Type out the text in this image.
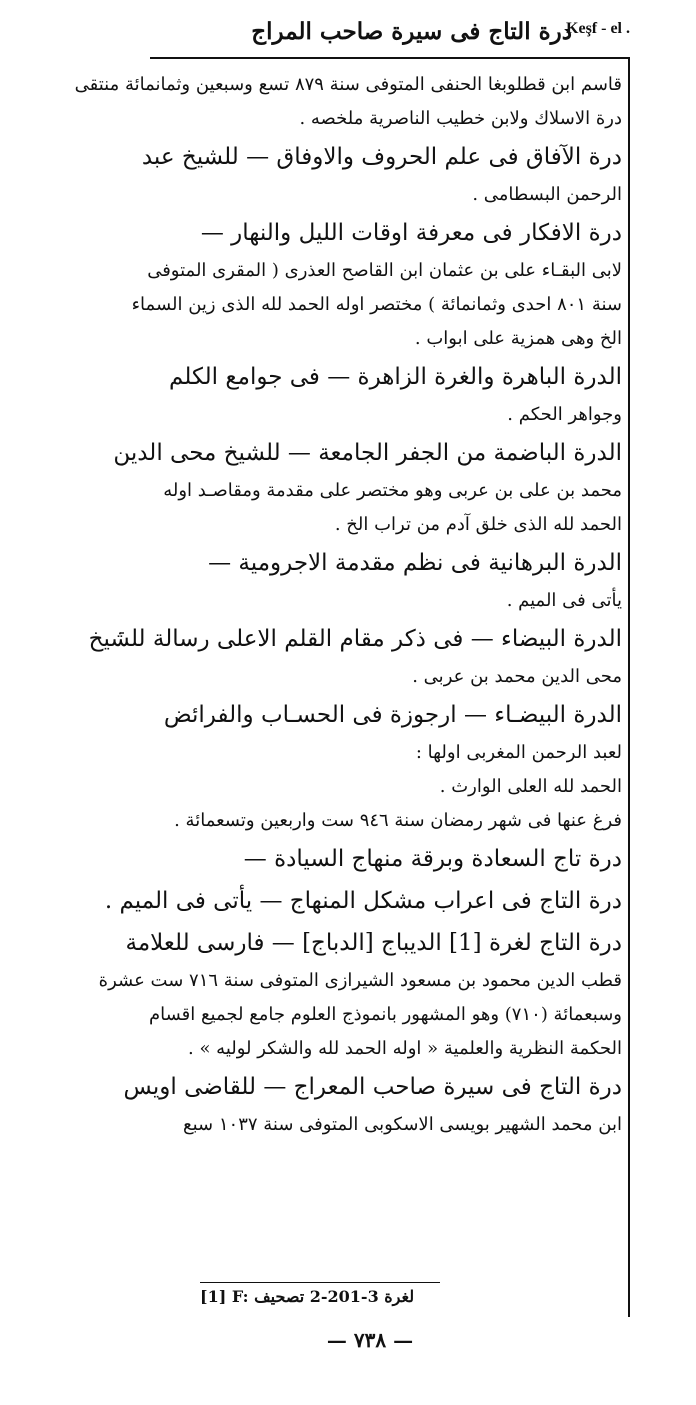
درة التاج فى سيرة صاحب المراج
Keşf - el .
قاسم ابن قطلوبغا الحنفى المتوفى سنة ٨٧٩ تسع وسبعين وثمانمائة منتقى
درة الاسلاك ولابن خطيب الناصرية ملخصه .
درة الآفاق فى علم الحروف والاوفاق — للشيخ عبد
الرحمن البسطامى .
درة الافكار فى معرفة اوقات الليل والنهار —
لابى البقـاء على بن عثمان ابن القاصح العذرى ( المقرى المتوفى
سنة ٨٠١ احدى وثمانمائة ) مختصر اوله الحمد لله الذى زين السماء
الخ وهى همزية على ابواب .
الدرة الباهرة والغرة الزاهرة — فى جوامع الكلم
وجواهر الحكم .
الدرة الباضمة من الجفر الجامعة — للشيخ محى الدين
محمد بن على بن عربى وهو مختصر على مقدمة ومقاصـد اوله
الحمد لله الذى خلق آدم من تراب الخ .
الدرة البرهانية فى نظم مقدمة الاجرومية —
يأتى فى الميم .
الدرة البيضاء — فى ذكر مقام القلم الاعلى رسالة للشيخ
محى الدين محمد بن عربى .
الدرة البيضـاء — ارجوزة فى الحسـاب والفرائض
لعبد الرحمن المغربى اولها :
الحمد لله العلى الوارث .
فرغ عنها فى شهر رمضان سنة ٩٤٦ ست واربعين وتسعمائة .
درة تاج السعادة وبرقة منهاج السيادة —
درة التاج فى اعراب مشكل المنهاج — يأتى فى الميم .
درة التاج لغرة [1] الديباج [الدباج] — فارسى للعلامة
قطب الدين محمود بن مسعود الشيرازى المتوفى سنة ٧١٦ ست عشرة
وسبعمائة (٧١٠) وهو المشهور بانموذج العلوم جامع لجميع اقسام
الحكمة النظرية والعلمية « اوله الحمد لله والشكر لوليه » .
درة التاج فى سيرة صاحب المعراج — للقاضى اويس
ابن محمد الشهير بويسى الاسكوبى المتوفى سنة ١٠٣٧ سبع
[1] F: لغرة 3-201-2 تصحيف
— ٧٣٨ —
